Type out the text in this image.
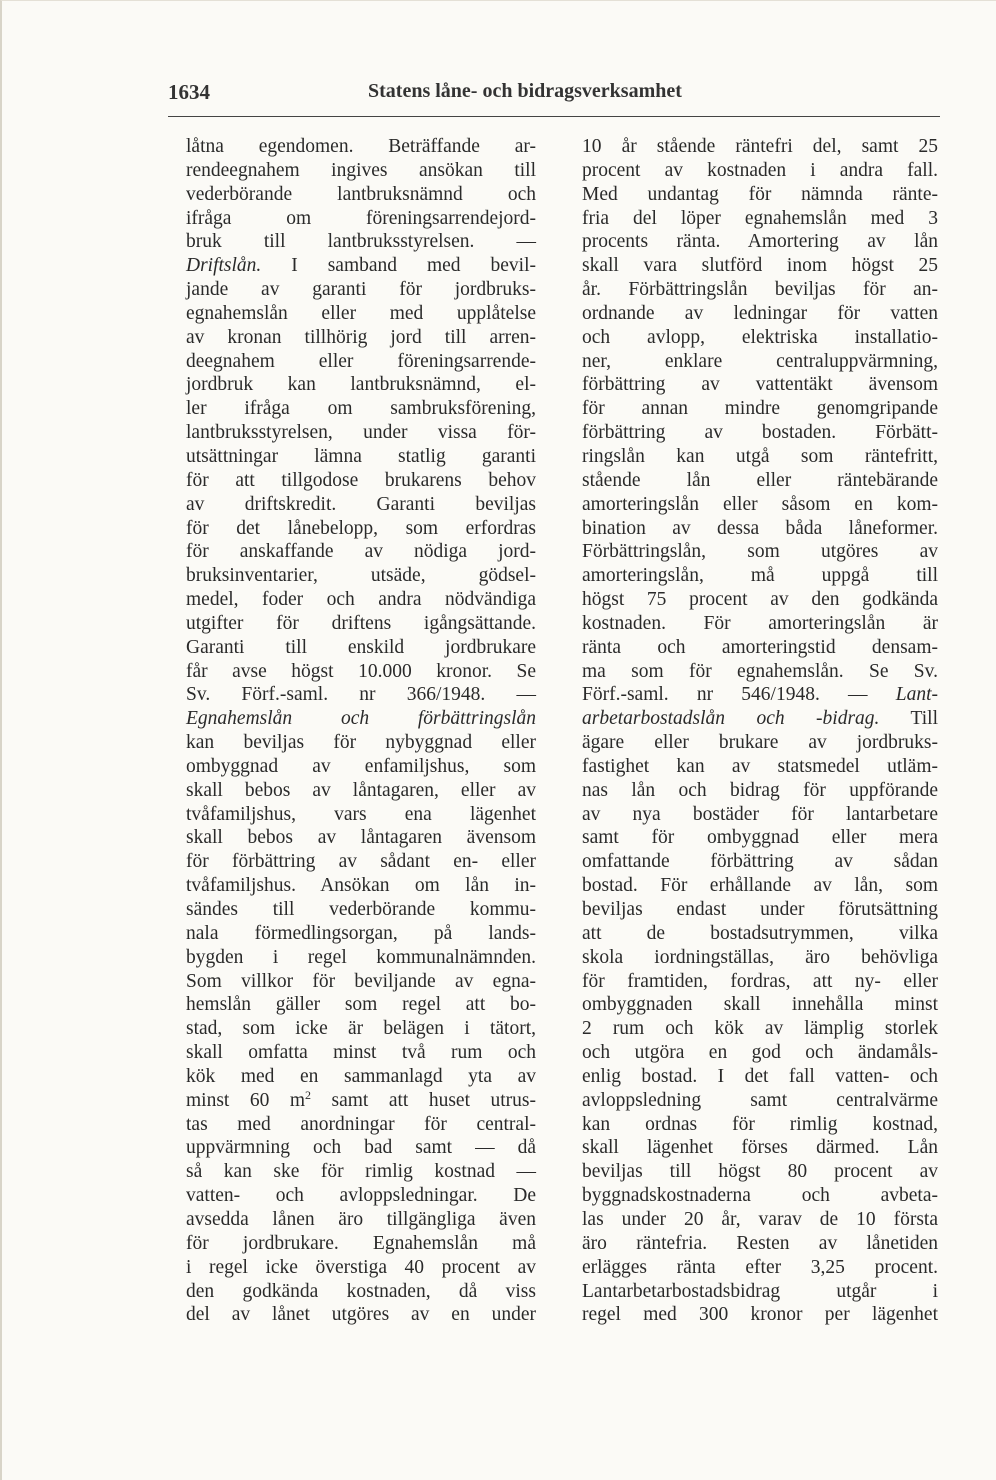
1634	Statens låne- och bidragsverksamhet
låtna egendomen. Beträffande ar-
rendeegnahem ingives ansökan till
vederbörande lantbruksnämnd och
ifråga om föreningsarrendejord-
bruk till lantbruksstyrelsen. —
Driftslån. I samband med bevil-
jande av garanti för jordbruks-
egnahemslån eller med upplåtelse
av kronan tillhörig jord till arren-
deegnahem eller föreningsarrende-
jordbruk kan lantbruksnämnd, el-
ler ifråga om sambruksförening,
lantbruksstyrelsen, under vissa för-
utsättningar lämna statlig garanti
för att tillgodose brukarens behov
av driftskredit. Garanti beviljas
för det lånebelopp, som erfordras
för anskaffande av nödiga jord-
bruksinventarier, utsäde, gödsel-
medel, foder och andra nödvändiga
utgifter för driftens igångsättande.
Garanti till enskild jordbrukare
får avse högst 10.000 kronor. Se
Sv. Förf.-saml. nr 366/1948. —
Egnahemslån och förbättringslån
kan beviljas för nybyggnad eller
ombyggnad av enfamiljshus, som
skall bebos av låntagaren, eller av
tvåfamiljshus, vars ena lägenhet
skall bebos av låntagaren ävensom
för förbättring av sådant en- eller
tvåfamiljshus. Ansökan om lån in-
sändes till vederbörande kommu-
nala förmedlingsorgan, på lands-
bygden i regel kommunalnämnden.
Som villkor för beviljande av egna-
hemslån gäller som regel att bo-
stad, som icke är belägen i tätort,
skall omfatta minst två rum och
kök med en sammanlagd yta av
minst 60 $m^2$ samt att huset utrus-
tas med anordningar för central-
uppvärmning och bad samt — då
så kan ske för rimlig kostnad —
vatten- och avloppsledningar. De
avsedda lånen äro tillgängliga även
för jordbrukare. Egnahemslån må
i regel icke överstiga 40 procent av
den godkända kostnaden, då viss
del av lånet utgöres av en under
10 år stående räntefri del, samt 25
procent av kostnaden i andra fall.
Med undantag för nämnda ränte-
fria del löper egnahemslån med 3
procents ränta. Amortering av lån
skall vara slutförd inom högst 25
år. Förbättringslån beviljas för an-
ordnande av ledningar för vatten
och avlopp, elektriska installatio-
ner, enklare centraluppvärmning,
förbättring av vattentäkt ävensom
för annan mindre genomgripande
förbättring av bostaden. Förbätt-
ringslån kan utgå som räntefritt,
stående lån eller räntebärande
amorteringslån eller såsom en kom-
bination av dessa båda låneformer.
Förbättringslån, som utgöres av
amorteringslån, må uppgå till
högst 75 procent av den godkända
kostnaden. För amorteringslån är
ränta och amorteringstid densam-
ma som för egnahemslån. Se Sv.
Förf.-saml. nr 546/1948. — Lant-
arbetarbostadslån och -bidrag. Till
ägare eller brukare av jordbruks-
fastighet kan av statsmedel utläm-
nas lån och bidrag för uppförande
av nya bostäder för lantarbetare
samt för ombyggnad eller mera
omfattande förbättring av sådan
bostad. För erhållande av lån, som
beviljas endast under förutsättning
att de bostadsutrymmen, vilka
skola iordningställas, äro behövliga
för framtiden, fordras, att ny- eller
ombyggnaden skall innehålla minst
2 rum och kök av lämplig storlek
och utgöra en god och ändamåls-
enlig bostad. I det fall vatten- och
avloppsledning samt centralvärme
kan ordnas för rimlig kostnad,
skall lägenhet förses därmed. Lån
beviljas till högst 80 procent av
byggnadskostnaderna och avbeta-
las under 20 år, varav de 10 första
äro räntefria. Resten av lånetiden
erlägges ränta efter 3,25 procent.
Lantarbetarbostadsbidrag utgår i
regel med 300 kronor per lägenhet
